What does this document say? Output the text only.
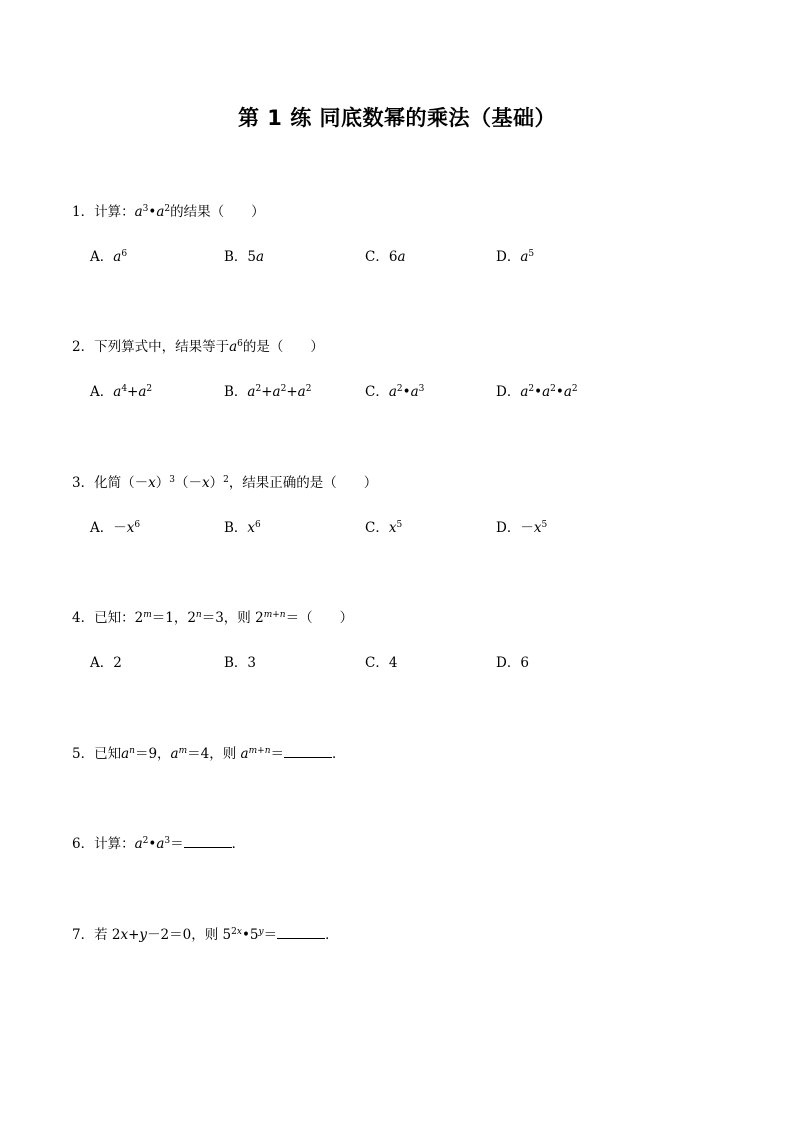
第 1 练 同底数幂的乘法（基础）
1．计算：$a^3•a^2$的结果（　　）
A．$a^6$	B．5a	C．6a	D．$a^5$
2．下列算式中，结果等于$a^6$的是（　　）
A．$a^4+a^2$	B．$a^2+a^2+a^2$	C．$a^2•a^3$	D．$a^2•a^2•a^2$
3．化简$(-x)^3(-x)^2$，结果正确的是（　　）
A．$-x^6$	B．$x^6$	C．$x^5$	D．$-x^5$
4．已知：$2^m=1$，$2^n=3$，则 $2^{m+n}=$（　　）
A．2	B．3	C．4	D．6
5．已知$a^n=9$，$a^m=4$，则 $a^{m+n}=$	．
6．计算：$a^2•a^3=$	．
7．若 2x+y－2＝0，则 $5^{2x}•5^y=$	．
